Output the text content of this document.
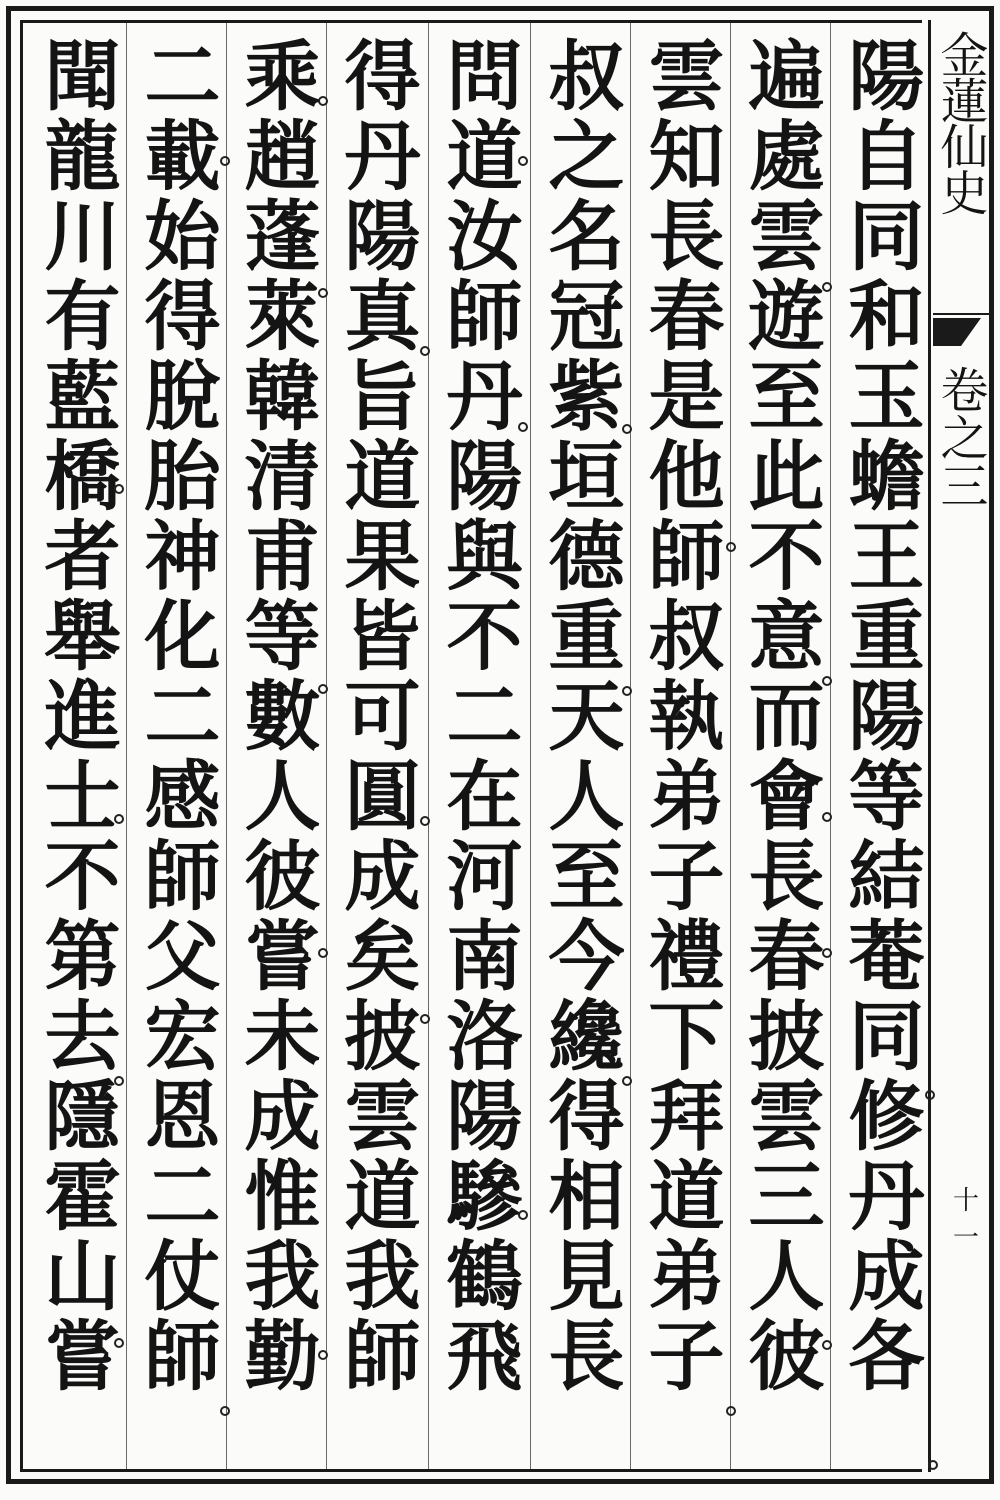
金蓮仙史
卷之三
十一
陽自同和玉蟾王重陽等結菴同修丹成各
遍處雲遊至此不意而會長春披雲三人彼
雲知長春是他師叔執弟子禮下拜道弟子
叔之名冠紫垣德重天人至今纔得相見長
問道汝師丹陽與不二在河南洛陽驂鶴飛
得丹陽真旨道果皆可圓成矣披雲道我師
乘趙蓬萊韓清甫等數人彼嘗未成惟我勤
二載始得脫胎神化二感師父宏恩二仗師
聞龍川有藍橋者舉進士不第去隱霍山嘗
